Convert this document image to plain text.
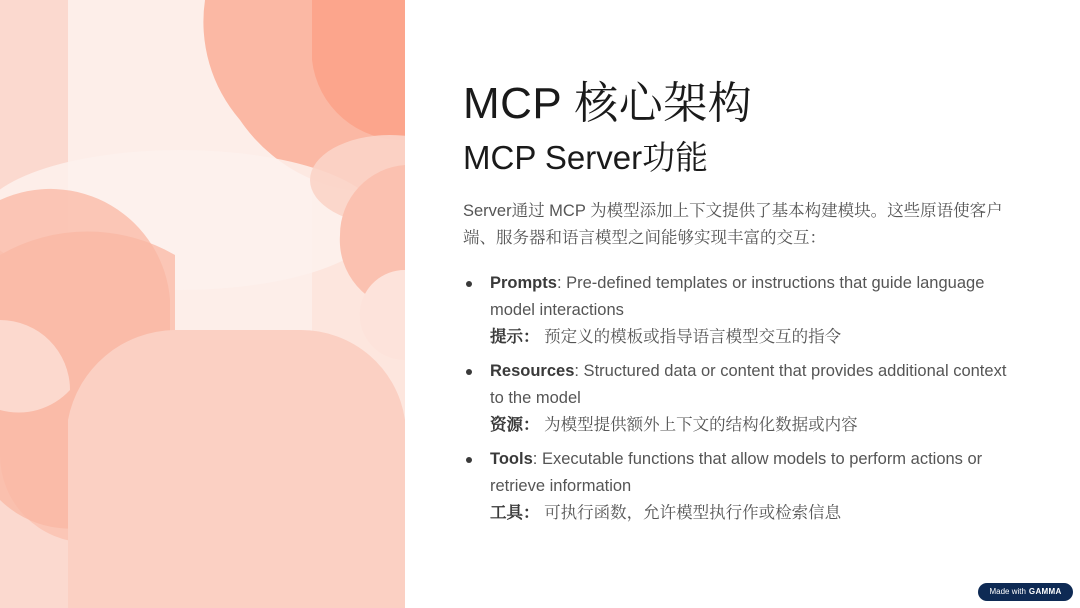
MCP 核心架构
MCP Server功能

Server通过 MCP 为模型添加上下文提供了基本构建模块。这些原语使客户端、服务器和语言模型之间能够实现丰富的交互：

Prompts: Pre-defined templates or instructions that guide language model interactions
提示： 预定义的模板或指导语言模型交互的指令
Resources: Structured data or content that provides additional context to the model
资源： 为模型提供额外上下文的结构化数据或内容
Tools: Executable functions that allow models to perform actions or retrieve information
工具： 可执行函数，允许模型执行作或检索信息
Made with GAMMA
